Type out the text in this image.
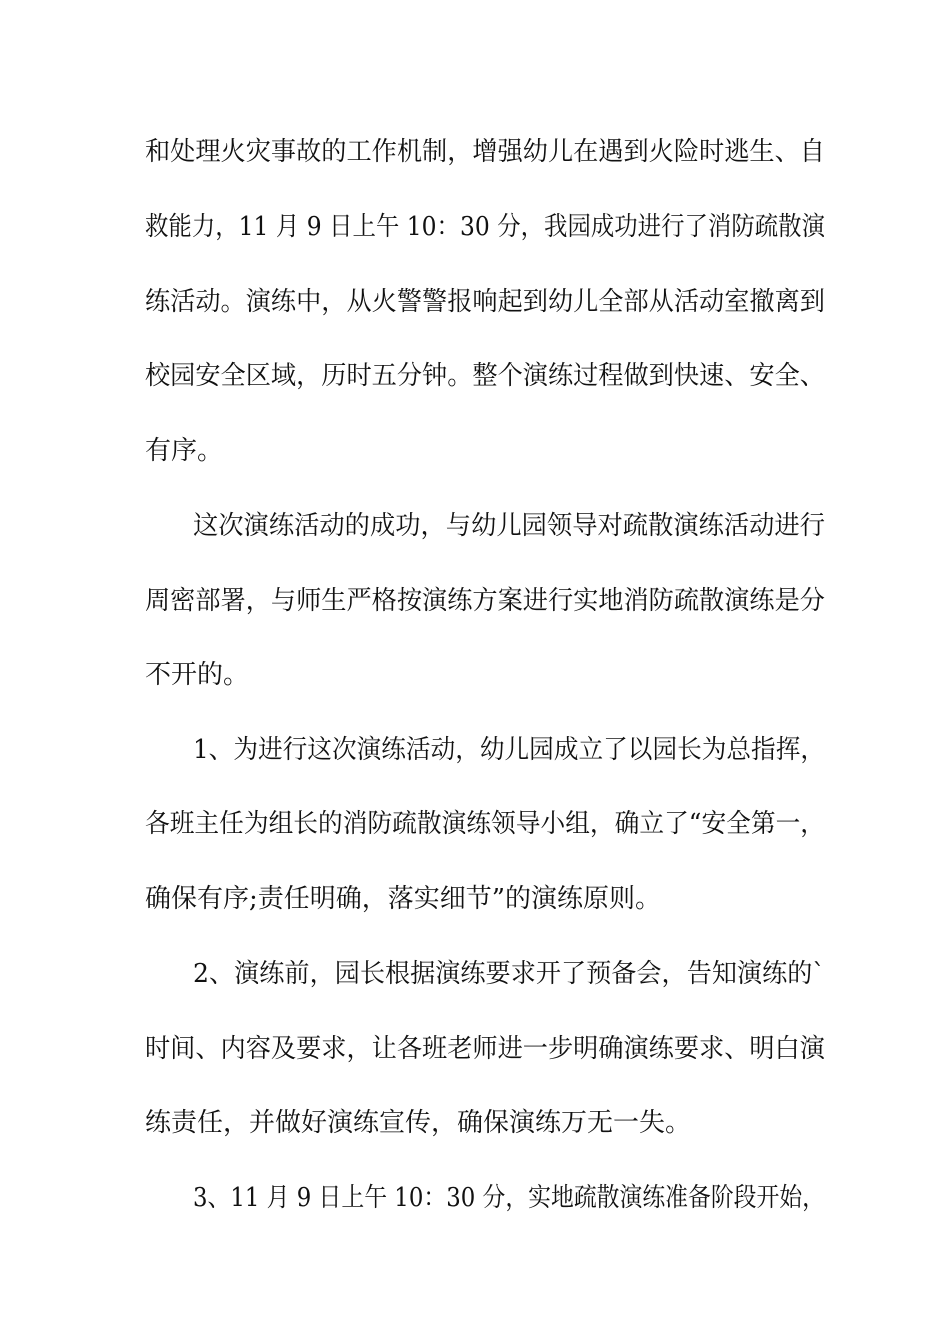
和处理火灾事故的工作机制，增强幼儿在遇到火险时逃生、自
救能力，11 月 9 日上午 10：30 分，我园成功进行了消防疏散演
练活动。演练中，从火警警报响起到幼儿全部从活动室撤离到
校园安全区域，历时五分钟。整个演练过程做到快速、安全、
有序。
这次演练活动的成功，与幼儿园领导对疏散演练活动进行
周密部署，与师生严格按演练方案进行实地消防疏散演练是分
不开的。
1、为进行这次演练活动，幼儿园成立了以园长为总指挥，
各班主任为组长的消防疏散演练领导小组，确立了“安全第一，
确保有序;责任明确，落实细节”的演练原则。
2、演练前，园长根据演练要求开了预备会，告知演练的`
时间、内容及要求，让各班老师进一步明确演练要求、明白演
练责任，并做好演练宣传，确保演练万无一失。
3、11 月 9 日上午 10：30 分，实地疏散演练准备阶段开始，
